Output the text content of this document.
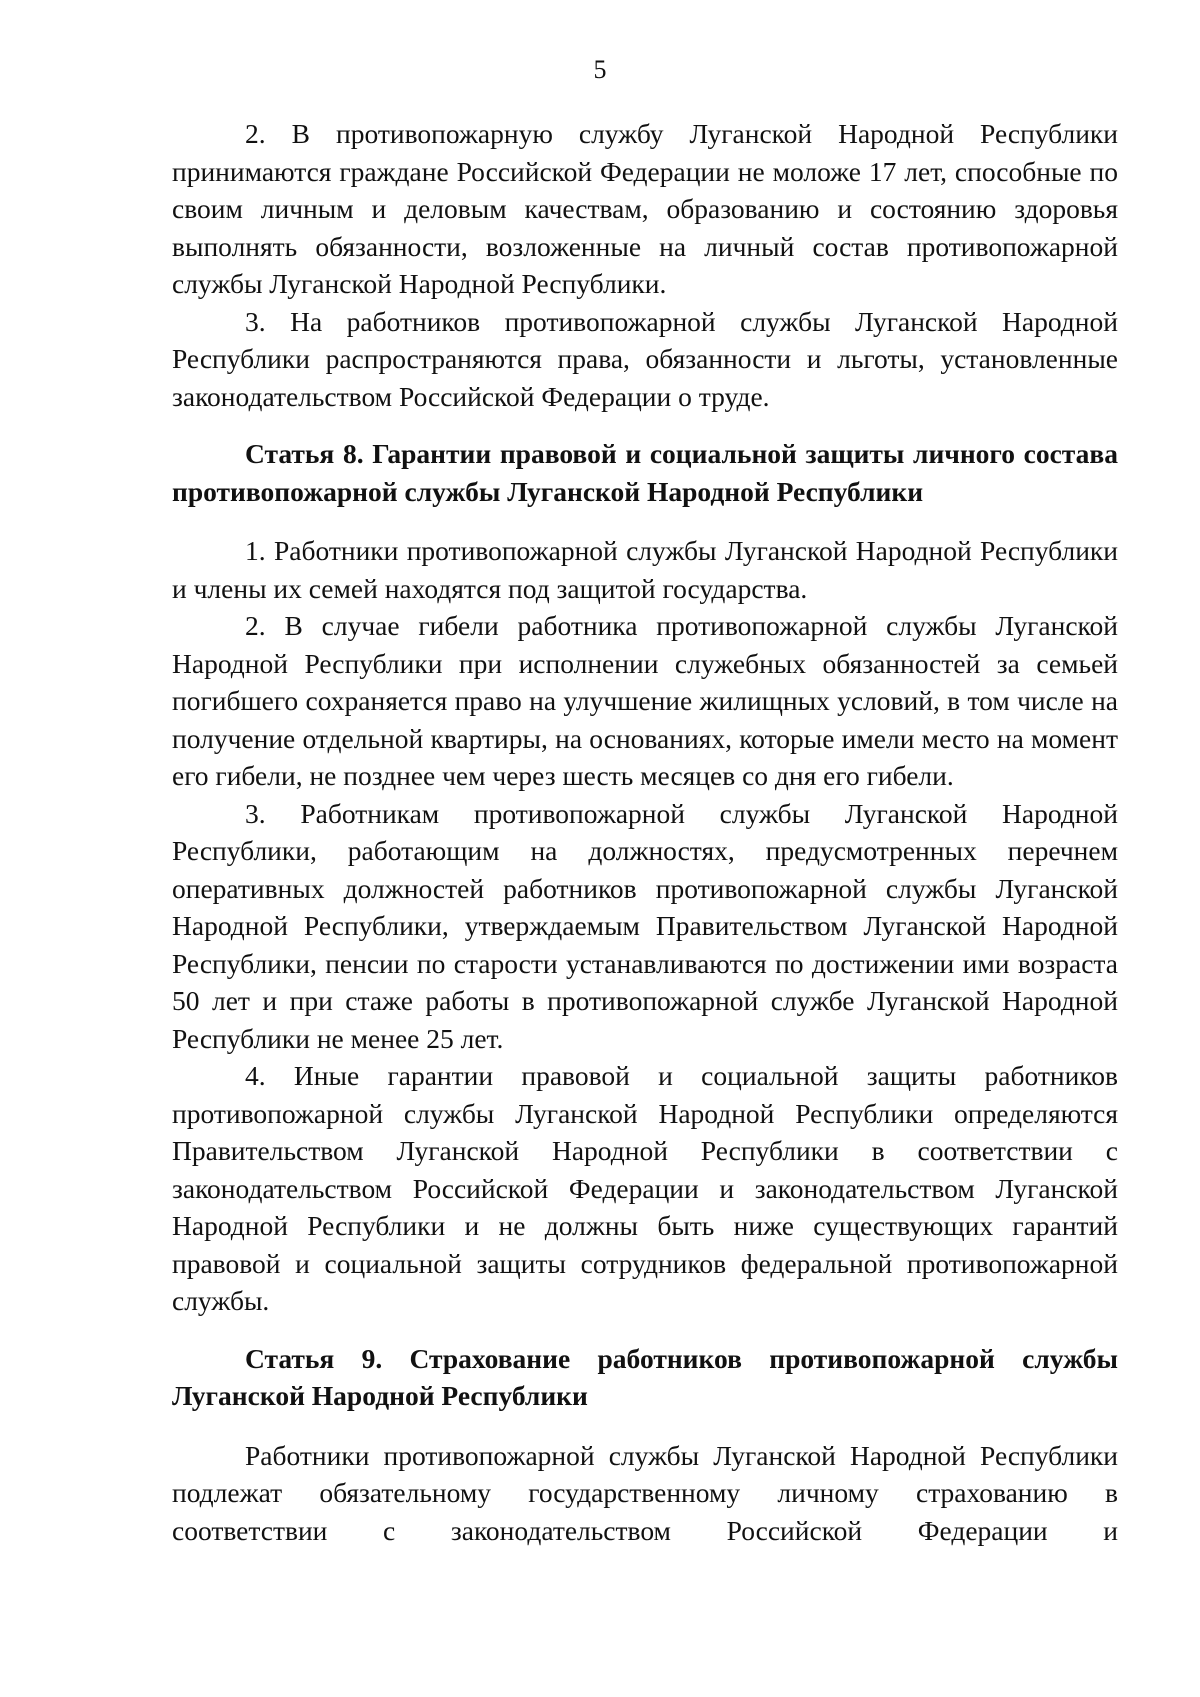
5

2. В противопожарную службу Луганской Народной Республики принимаются граждане Российской Федерации не моложе 17 лет, способные по своим личным и деловым качествам, образованию и состоянию здоровья выполнять обязанности, возложенные на личный состав противопожарной службы Луганской Народной Республики.

3. На работников противопожарной службы Луганской Народной Республики распространяются права, обязанности и льготы, установленные законодательством Российской Федерации о труде.

Статья 8. Гарантии правовой и социальной защиты личного состава противопожарной службы Луганской Народной Республики

1. Работники противопожарной службы Луганской Народной Республики и члены их семей находятся под защитой государства.

2. В случае гибели работника противопожарной службы Луганской Народной Республики при исполнении служебных обязанностей за семьей погибшего сохраняется право на улучшение жилищных условий, в том числе на получение отдельной квартиры, на основаниях, которые имели место на момент его гибели, не позднее чем через шесть месяцев со дня его гибели.

3. Работникам противопожарной службы Луганской Народной Республики, работающим на должностях, предусмотренных перечнем оперативных должностей работников противопожарной службы Луганской Народной Республики, утверждаемым Правительством Луганской Народной Республики, пенсии по старости устанавливаются по достижении ими возраста 50 лет и при стаже работы в противопожарной службе Луганской Народной Республики не менее 25 лет.

4. Иные гарантии правовой и социальной защиты работников противопожарной службы Луганской Народной Республики определяются Правительством Луганской Народной Республики в соответствии с законодательством Российской Федерации и законодательством Луганской Народной Республики и не должны быть ниже существующих гарантий правовой и социальной защиты сотрудников федеральной противопожарной службы.

Статья 9. Страхование работников противопожарной службы Луганской Народной Республики

Работники противопожарной службы Луганской Народной Республики подлежат обязательному государственному личному страхованию в соответствии с законодательством Российской Федерации и
